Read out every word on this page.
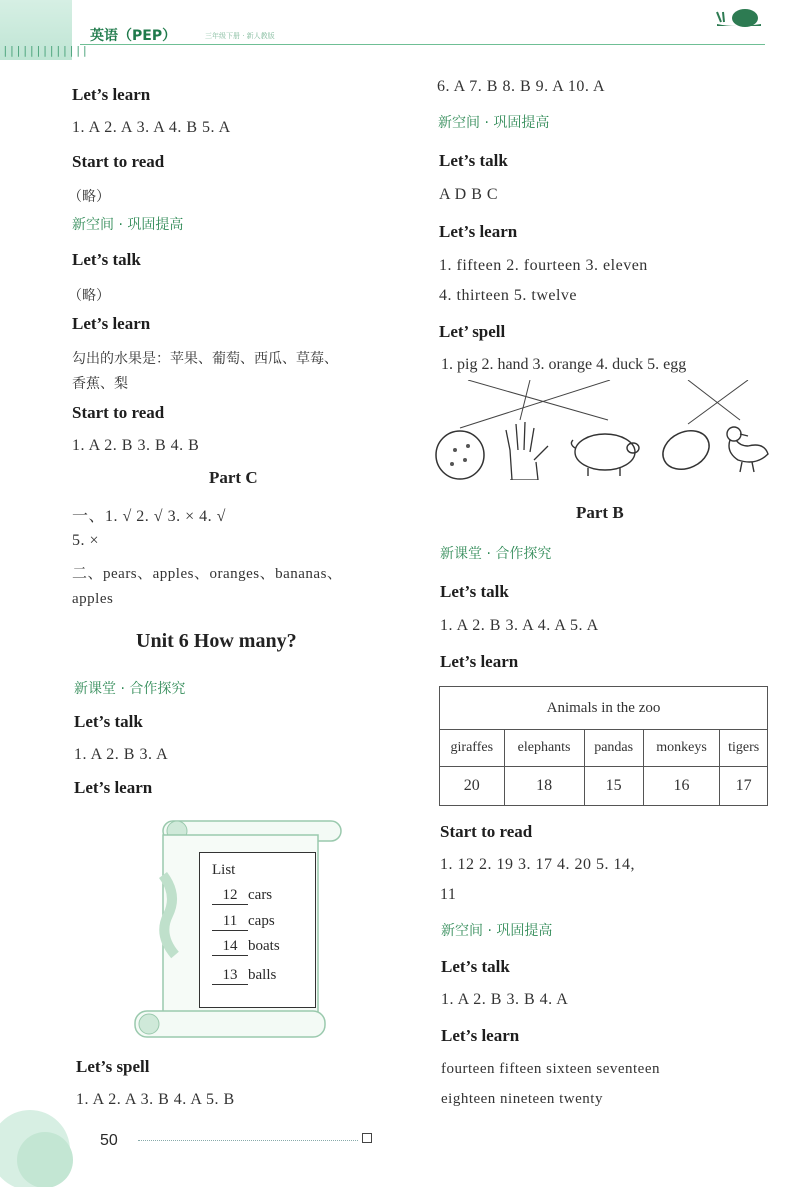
|||||||||||||
英语（PEP）	三年级下册 · 新人教版
Let’s learn
1. A 2. A 3. A 4. B 5. A
Start to read
（略）
新空间 · 巩固提高
Let’s talk
（略）
Let’s learn
勾出的水果是：苹果、葡萄、西瓜、草莓、
香蕉、梨
Start to read
1. A 2. B 3. B 4. B
Part C
一、1. √ 2. √ 3. × 4. √
5. ×
二、pears、apples、oranges、bananas、
apples
Unit 6 How many?
新课堂 · 合作探究
Let’s talk
1. A 2. B 3. A
Let’s learn
List
12 cars
11 caps
14 boats
13 balls
Let’s spell
1. A 2. A 3. B 4. A 5. B
6. A 7. B 8. B 9. A 10. A
新空间 · 巩固提高
Let’s talk
A D B C
Let’s learn
1. fifteen 2. fourteen 3. eleven
4. thirteen 5. twelve
Let’ spell
1. pig 2. hand 3. orange 4. duck 5. egg
Part B
新课堂 · 合作探究
Let’s talk
1. A 2. B 3. A 4. A 5. A
Let’s learn
Animals in the zoo				
giraffes	elephants	pandas	monkeys	tigers
20	18	15	16	17
Start to read
1. 12 2. 19 3. 17 4. 20 5. 14,
11
新空间 · 巩固提高
Let’s talk
1. A 2. B 3. B 4. A
Let’s learn
fourteen fifteen sixteen seventeen
eighteen nineteen twenty
50
